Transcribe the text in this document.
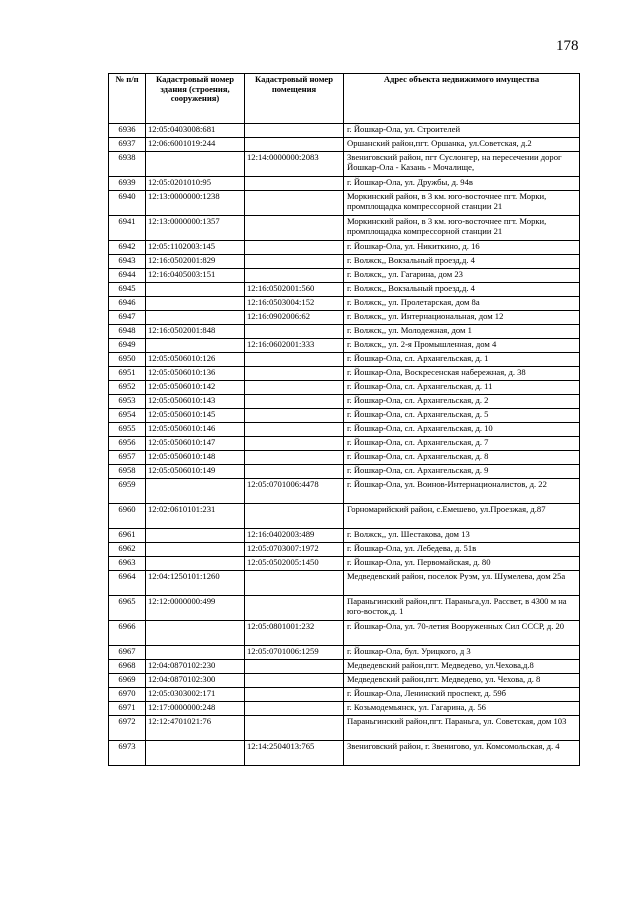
178
№ п/п	Кадастровый номер здания (строения, сооружения)	Кадастровый номер помещения	Адрес объекта недвижимого имущества
6936	12:05:0403008:681		г. Йошкар-Ола, ул. Строителей
6937	12:06:6001019:244		Оршанский район,пгт. Оршанка, ул.Советская, д.2
6938		12:14:0000000:2083	Звениговский район, пгт Суслонгер, на пересечении дорог Йошкар-Ола - Казань - Мочалище,
6939	12:05:0201010:95		г. Йошкар-Ола, ул. Дружбы, д. 94в
6940	12:13:0000000:1238		Моркинский район, в 3 км. юго-восточнее пгт. Морки, промплощадка компрессорной станции 21
6941	12:13:0000000:1357		Моркинский район, в 3 км. юго-восточнее пгт. Морки, промплощадка компрессорной станции 21
6942	12:05:1102003:145		г. Йошкар-Ола, ул. Никиткино, д. 16
6943	12:16:0502001:829		г. Волжск,, Вокзальный проезд,д. 4
6944	12:16:0405003:151		г. Волжск,, ул. Гагарина, дом 23
6945		12:16:0502001:560	г. Волжск,, Вокзальный проезд,д. 4
6946		12:16:0503004:152	г. Волжск,, ул. Пролетарская, дом 8а
6947		12:16:0902006:62	г. Волжск,, ул. Интернациональная, дом 12
6948	12:16:0502001:848		г. Волжск,, ул. Молодежная, дом 1
6949		12:16:0602001:333	г. Волжск,, ул. 2-я Промышленная, дом 4
6950	12:05:0506010:126		г. Йошкар-Ола, сл. Архангельская, д. 1
6951	12:05:0506010:136		г. Йошкар-Ола, Воскресенская набережная, д. 38
6952	12:05:0506010:142		г. Йошкар-Ола, сл. Архангельская, д. 11
6953	12:05:0506010:143		г. Йошкар-Ола, сл. Архангельская, д. 2
6954	12:05:0506010:145		г. Йошкар-Ола, сл. Архангельская, д. 5
6955	12:05:0506010:146		г. Йошкар-Ола, сл. Архангельская, д. 10
6956	12:05:0506010:147		г. Йошкар-Ола, сл. Архангельская, д. 7
6957	12:05:0506010:148		г. Йошкар-Ола, сл. Архангельская, д. 8
6958	12:05:0506010:149		г. Йошкар-Ола, сл. Архангельская, д. 9
6959		12:05:0701006:4478	г. Йошкар-Ола, ул. Воинов-Интернационалистов, д. 22
6960	12:02:0610101:231		Горномарийский район, с.Емешево, ул.Проезжая, д.87
6961		12:16:0402003:489	г. Волжск,, ул. Шестакова, дом 13
6962		12:05:0703007:1972	г. Йошкар-Ола, ул. Лебедева, д. 51в
6963		12:05:0502005:1450	г. Йошкар-Ола, ул. Первомайская, д. 80
6964	12:04:1250101:1260		Медведевский район, поселок Руэм, ул. Шумелева, дом 25а
6965	12:12:0000000:499		Параньгинский район,пгт. Параньга,ул. Рассвет, в 4300 м на юго-восток,д. 1
6966		12:05:0801001:232	г. Йошкар-Ола, ул. 70-летия Вооруженных Сил СССР, д. 20
6967		12:05:0701006:1259	г. Йошкар-Ола, бул. Урицкого, д 3
6968	12:04:0870102:230		Медведевский район,пгт. Медведево, ул.Чехова,д.8
6969	12:04:0870102:300		Медведевский район,пгт. Медведево, ул. Чехова, д. 8
6970	12:05:0303002:171		г. Йошкар-Ола, Ленинский проспект, д. 59б
6971	12:17:0000000:248		г. Козьмодемьянск, ул. Гагарина, д. 56
6972	12:12:4701021:76		Параньгинский район,пгт. Параньга, ул. Советская, дом 103
6973		12:14:2504013:765	Звениговский район, г. Звенигово, ул. Комсомольская, д. 4
